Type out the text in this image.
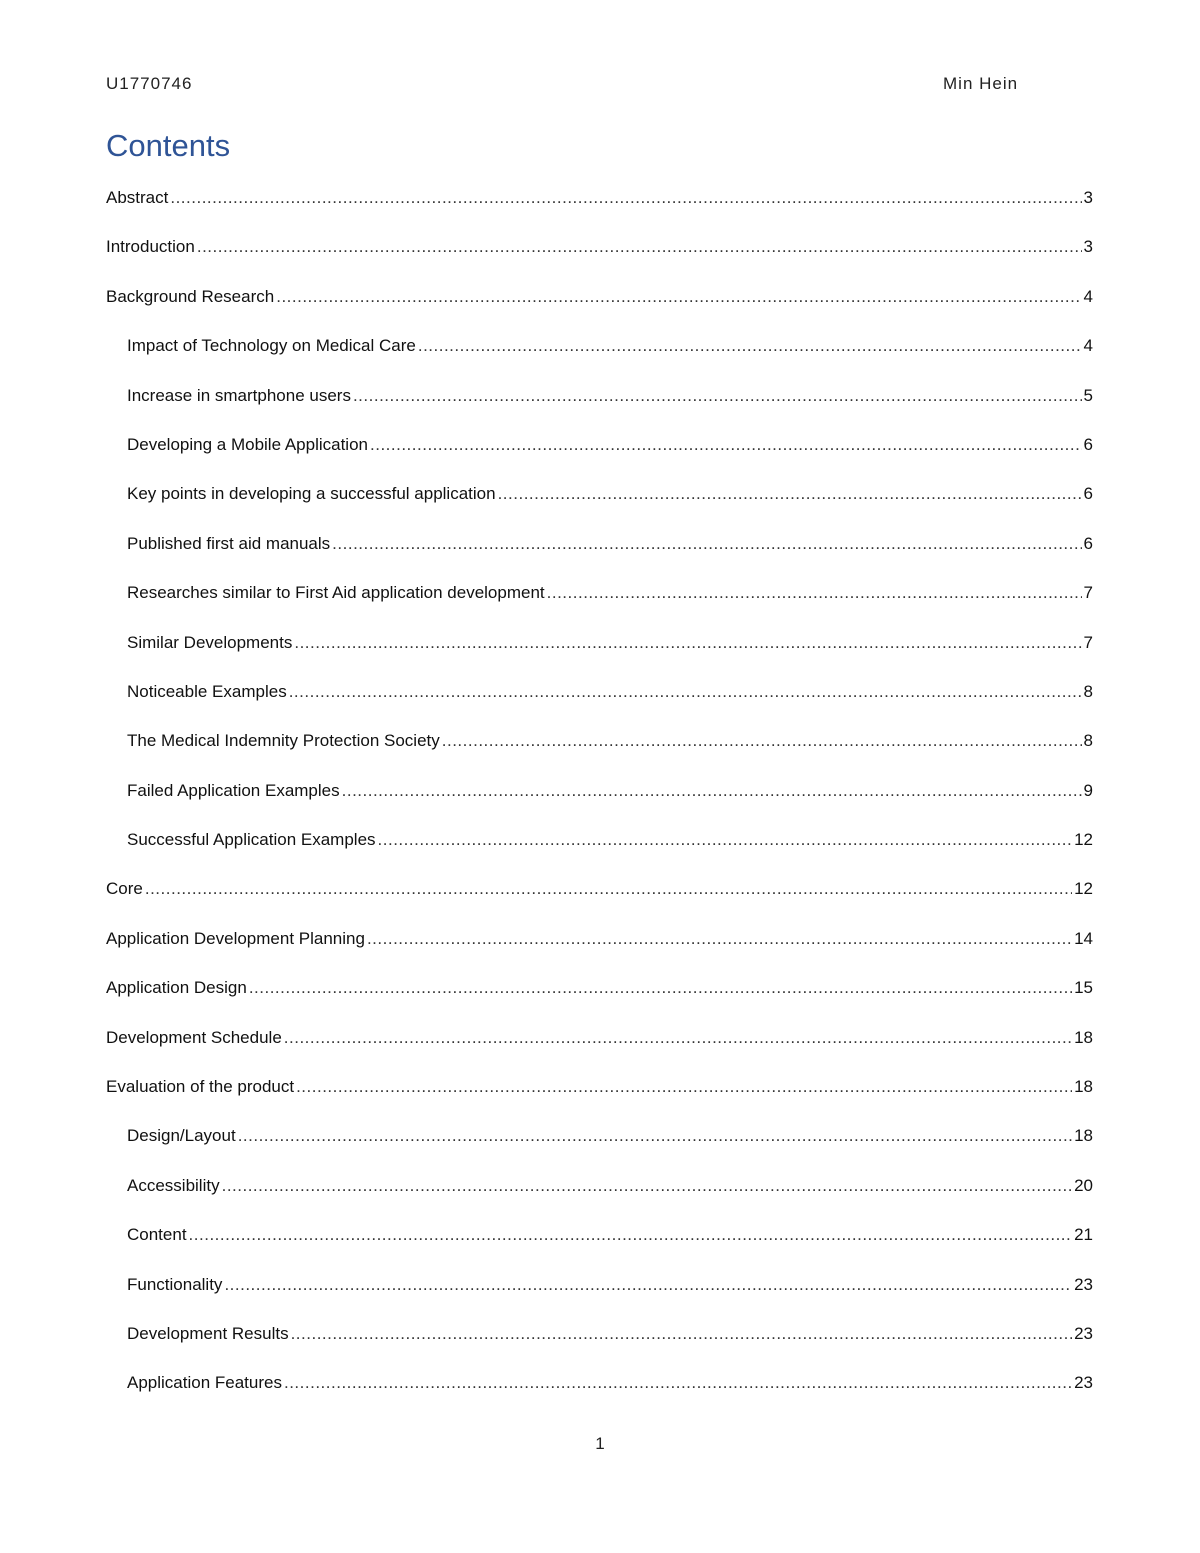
U1770746	Min Hein
Contents
Abstract .....	3
Introduction .....	3
Background Research .....	4
Impact of Technology on Medical Care .....	4
Increase in smartphone users .....	5
Developing a Mobile Application .....	6
Key points in developing a successful application .....	6
Published first aid manuals .....	6
Researches similar to First Aid application development .....	7
Similar Developments .....	7
Noticeable Examples .....	8
The Medical Indemnity Protection Society .....	8
Failed Application Examples .....	9
Successful Application Examples .....	12
Core .....	12
Application Development Planning .....	14
Application Design .....	15
Development Schedule .....	18
Evaluation of the product .....	18
Design/Layout .....	18
Accessibility .....	20
Content .....	21
Functionality .....	23
Development Results .....	23
Application Features .....	23
1
